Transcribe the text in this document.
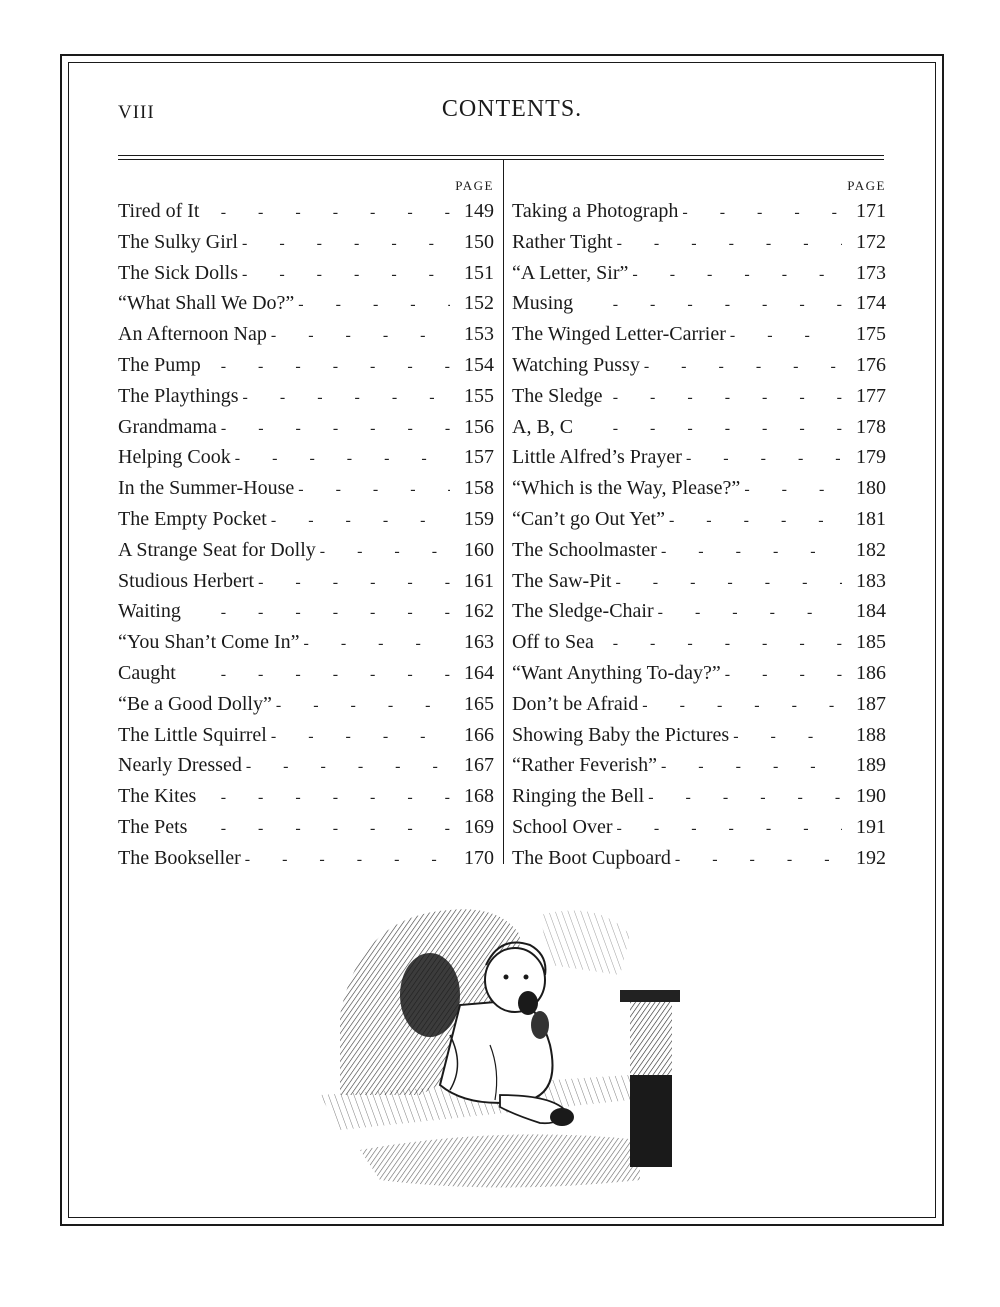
VIII	CONTENTS.
PAGE
Tired of It -	149
The Sulky Girl -	150
The Sick Dolls -	151
“What Shall We Do?” -	152
An Afternoon Nap -	153
The Pump -	154
The Playthings -	155
Grandmama -	156
Helping Cook -	157
In the Summer-House -	158
The Empty Pocket -	159
A Strange Seat for Dolly -	160
Studious Herbert -	161
Waiting -	162
“You Shan’t Come In” -	163
Caught -	164
“Be a Good Dolly” -	165
The Little Squirrel -	166
Nearly Dressed -	167
The Kites -	168
The Pets -	169
The Bookseller -	170
PAGE
Taking a Photograph -	171
Rather Tight -	172
“A Letter, Sir” -	173
Musing -	174
The Winged Letter-Carrier -	175
Watching Pussy -	176
The Sledge -	177
A, B, C -	178
Little Alfred’s Prayer -	179
“Which is the Way, Please?” -	180
“Can’t go Out Yet” -	181
The Schoolmaster -	182
The Saw-Pit -	183
The Sledge-Chair -	184
Off to Sea -	185
“Want Anything To-day?” -	186
Don’t be Afraid -	187
Showing Baby the Pictures -	188
“Rather Feverish” -	189
Ringing the Bell -	190
School Over -	191
The Boot Cupboard -	192
